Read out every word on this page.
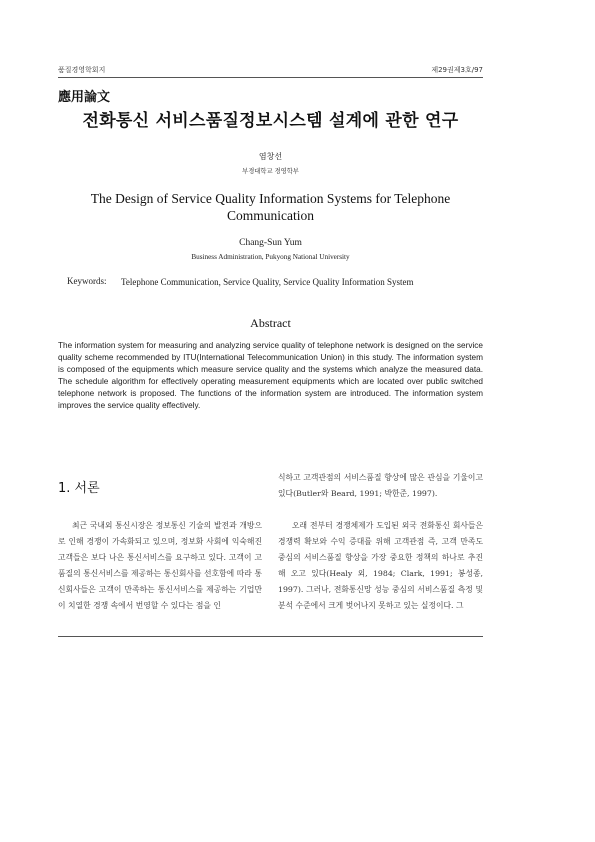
품질경영학회지	제29권제3호/97
應用論文
전화통신 서비스품질정보시스템 설계에 관한 연구
염창선
부경대학교 경영학부
The Design of Service Quality Information Systems for Telephone Communication
Chang-Sun Yum
Business Administration, Pukyong National University
Keywords: Telephone Communication, Service Quality, Service Quality Information System
Abstract
The information system for measuring and analyzing service quality of telephone network is designed on the service quality scheme recommended by ITU(International Telecommunication Union) in this study. The information system is composed of the equipments which measure service quality and the systems which analyze the measured data. The schedule algorithm for effectively operating measurement equipments which are located over public switched telephone network is proposed. The functions of the information system are introduced. The information system improves the service quality effectively.
1. 서론

최근 국내외 통신시장은 정보통신 기술의 발전과 개방으로 인해 경쟁이 가속화되고 있으며, 정보화 사회에 익숙해진 고객들은 보다 나은 통신서비스를 요구하고 있다. 고객이 고품질의 통신서비스를 제공하는 통신회사를 선호함에 따라 통신회사들은 고객이 만족하는 통신서비스를 제공하는 기업만이 치열한 경쟁 속에서 번영할 수 있다는 점을 인

식하고 고객관점의 서비스품질 향상에 많은 관심을 기울이고 있다(Butler와 Beard, 1991; 박한준, 1997).

오래 전부터 경쟁체제가 도입된 외국 전화통신 회사들은 경쟁력 확보와 수익 증대를 위해 고객관점 즉, 고객 만족도 중심의 서비스품질 향상을 가장 중요한 정책의 하나로 추진해 오고 있다(Healy 외, 1984; Clark, 1991; 봉성종, 1997). 그러나, 전화통신망 성능 중심의 서비스품질 측정 및 분석 수준에서 크게 벗어나지 못하고 있는 실정이다. 그
